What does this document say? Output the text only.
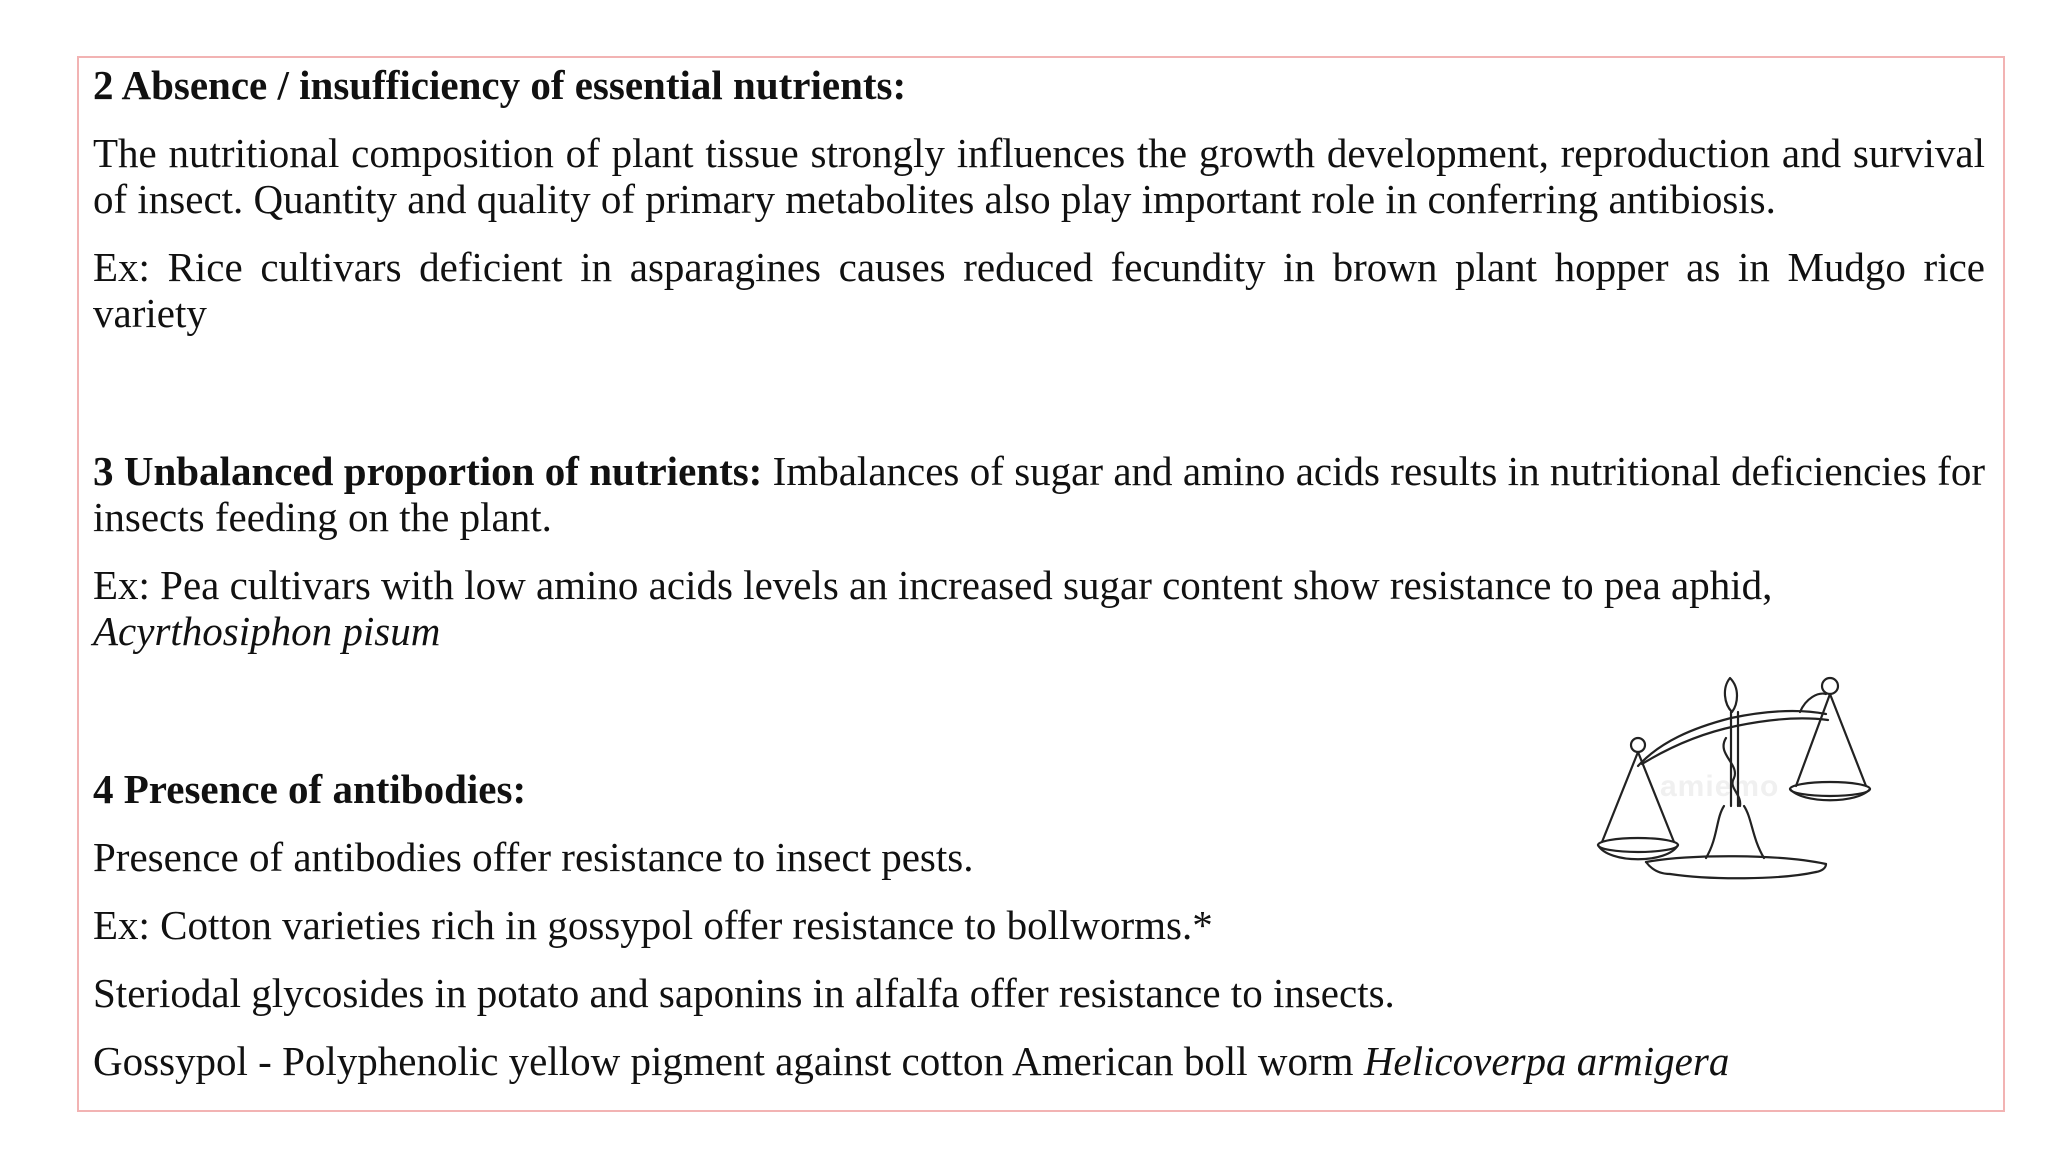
2 Absence / insufficiency of essential nutrients:

The nutritional composition of plant tissue strongly influences the growth development, reproduction and survival of insect. Quantity and quality of primary metabolites also play important role in conferring antibiosis.

Ex: Rice cultivars deficient in asparagines causes reduced fecundity in brown plant hopper as in Mudgo rice variety

3 Unbalanced proportion of nutrients: Imbalances of sugar and amino acids results in nutritional deficiencies for insects feeding on the plant.

Ex: Pea cultivars with low amino acids levels an increased sugar content show resistance to pea aphid,
Acyrthosiphon pisum

4 Presence of antibodies:

Presence of antibodies offer resistance to insect pests.

Ex: Cotton varieties rich in gossypol offer resistance to bollworms.*

Steriodal glycosides in potato and saponins in alfalfa offer resistance to insects.

Gossypol - Polyphenolic yellow pigment against cotton American boll worm Helicoverpa armigera

amiemo
